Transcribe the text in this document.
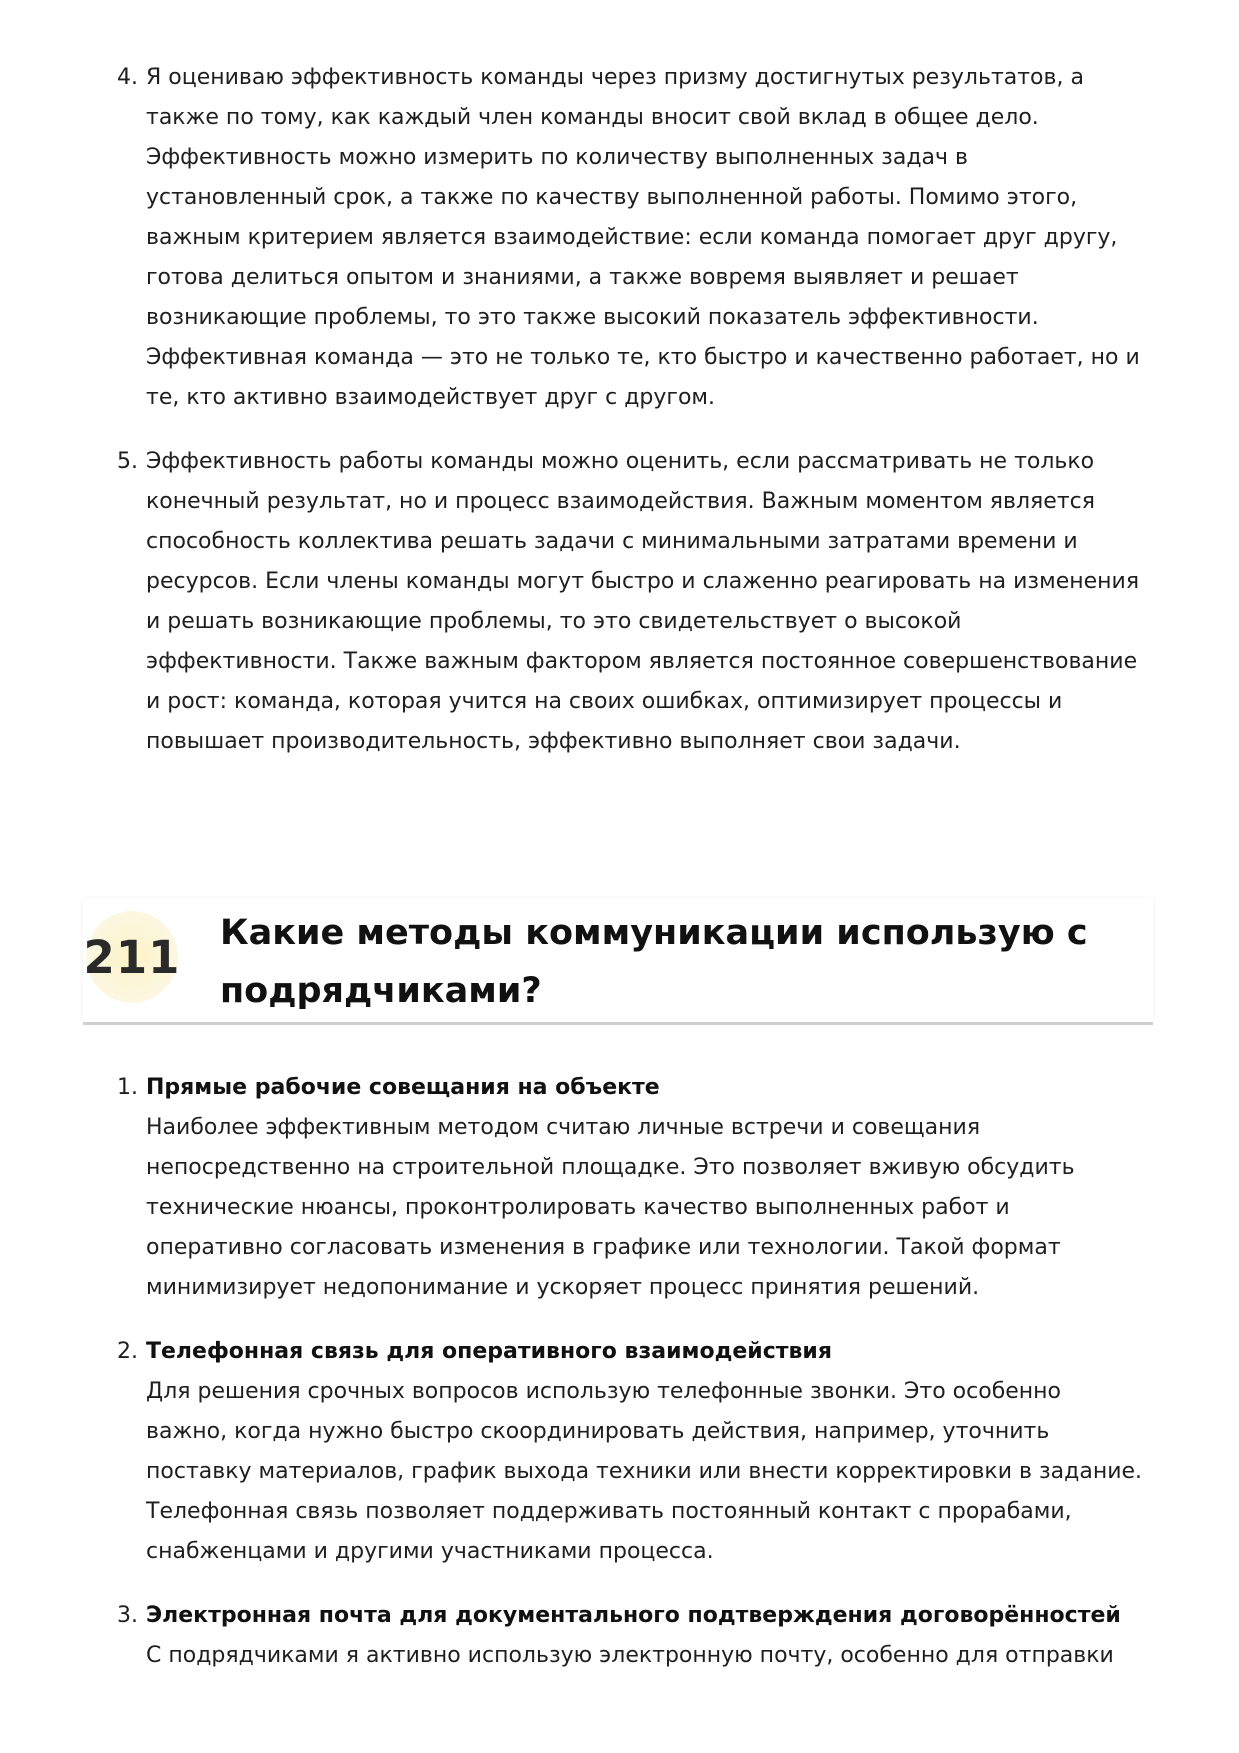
4. Я оцениваю эффективность команды через призму достигнутых результатов, а также по тому, как каждый член команды вносит свой вклад в общее дело. Эффективность можно измерить по количеству выполненных задач в установленный срок, а также по качеству выполненной работы. Помимо этого, важным критерием является взаимодействие: если команда помогает друг другу, готова делиться опытом и знаниями, а также вовремя выявляет и решает возникающие проблемы, то это также высокий показатель эффективности. Эффективная команда — это не только те, кто быстро и качественно работает, но и те, кто активно взаимодействует друг с другом.
5. Эффективность работы команды можно оценить, если рассматривать не только конечный результат, но и процесс взаимодействия. Важным моментом является способность коллектива решать задачи с минимальными затратами времени и ресурсов. Если члены команды могут быстро и слаженно реагировать на изменения и решать возникающие проблемы, то это свидетельствует о высокой эффективности. Также важным фактором является постоянное совершенствование и рост: команда, которая учится на своих ошибках, оптимизирует процессы и повышает производительность, эффективно выполняет свои задачи.
211 Какие методы коммуникации использую с подрядчиками?
1. Прямые рабочие совещания на объекте
Наиболее эффективным методом считаю личные встречи и совещания непосредственно на строительной площадке. Это позволяет вживую обсудить технические нюансы, проконтролировать качество выполненных работ и оперативно согласовать изменения в графике или технологии. Такой формат минимизирует недопонимание и ускоряет процесс принятия решений.
2. Телефонная связь для оперативного взаимодействия
Для решения срочных вопросов использую телефонные звонки. Это особенно важно, когда нужно быстро скоординировать действия, например, уточнить поставку материалов, график выхода техники или внести корректировки в задание. Телефонная связь позволяет поддерживать постоянный контакт с прорабами, снабженцами и другими участниками процесса.
3. Электронная почта для документального подтверждения договорённостей
С подрядчиками я активно использую электронную почту, особенно для отправки
